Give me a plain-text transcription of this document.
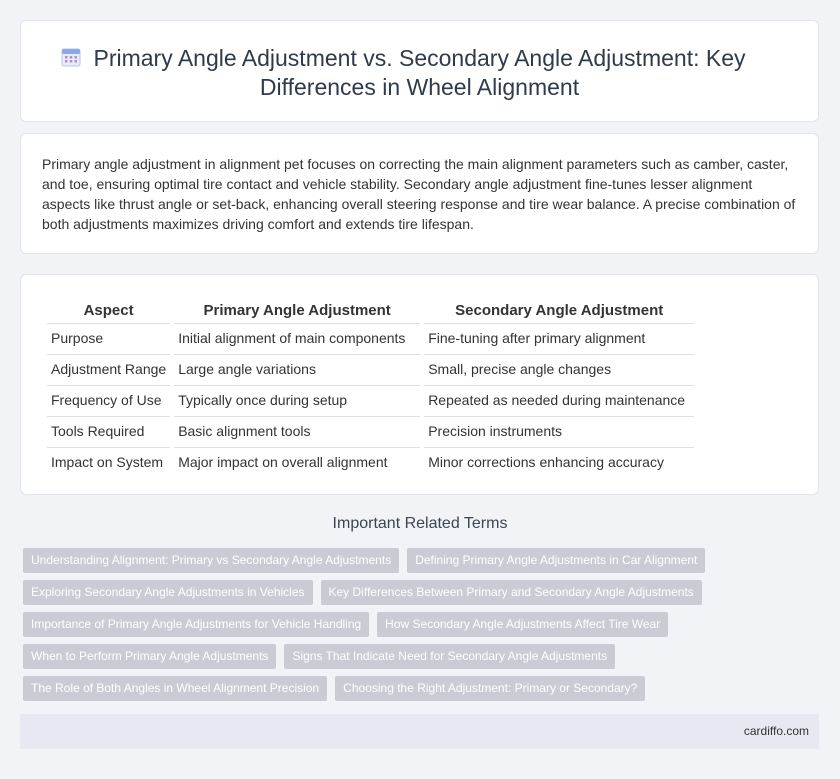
Primary Angle Adjustment vs. Secondary Angle Adjustment: Key Differences in Wheel Alignment

Primary angle adjustment in alignment pet focuses on correcting the main alignment parameters such as camber, caster, and toe, ensuring optimal tire contact and vehicle stability. Secondary angle adjustment fine-tunes lesser alignment aspects like thrust angle or set-back, enhancing overall steering response and tire wear balance. A precise combination of both adjustments maximizes driving comfort and extends tire lifespan.

Aspect	Primary Angle Adjustment	Secondary Angle Adjustment
Purpose	Initial alignment of main components	Fine-tuning after primary alignment
Adjustment Range	Large angle variations	Small, precise angle changes
Frequency of Use	Typically once during setup	Repeated as needed during maintenance
Tools Required	Basic alignment tools	Precision instruments
Impact on System	Major impact on overall alignment	Minor corrections enhancing accuracy
Important Related Terms
Understanding Alignment: Primary vs Secondary Angle Adjustments	Defining Primary Angle Adjustments in Car Alignment
Exploring Secondary Angle Adjustments in Vehicles	Key Differences Between Primary and Secondary Angle Adjustments
Importance of Primary Angle Adjustments for Vehicle Handling	How Secondary Angle Adjustments Affect Tire Wear
When to Perform Primary Angle Adjustments	Signs That Indicate Need for Secondary Angle Adjustments
The Role of Both Angles in Wheel Alignment Precision	Choosing the Right Adjustment: Primary or Secondary?
cardiffo.com
